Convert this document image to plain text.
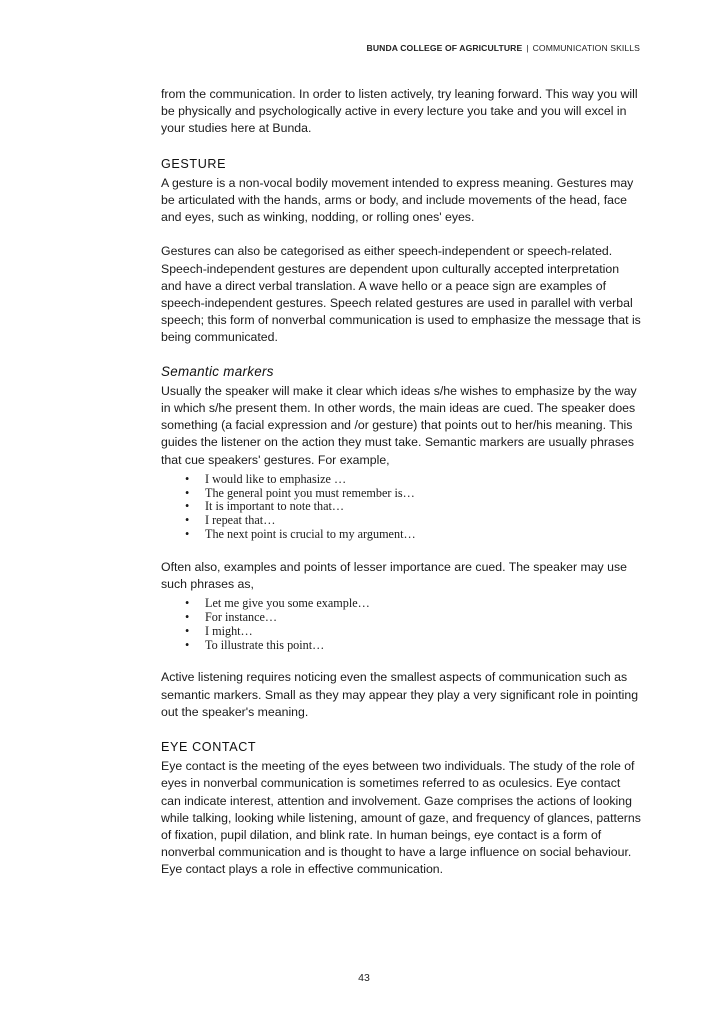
BUNDA COLLEGE OF AGRICULTURE | COMMUNICATION SKILLS

from the communication. In order to listen actively, try leaning forward. This way you will be physically and psychologically active in every lecture you take and you will excel in your studies here at Bunda.

GESTURE

A gesture is a non-vocal bodily movement intended to express meaning. Gestures may be articulated with the hands, arms or body, and include movements of the head, face and eyes, such as winking, nodding, or rolling ones' eyes.

Gestures can also be categorised as either speech-independent or speech-related. Speech-independent gestures are dependent upon culturally accepted interpretation and have a direct verbal translation. A wave hello or a peace sign are examples of speech-independent gestures. Speech related gestures are used in parallel with verbal speech; this form of nonverbal communication is used to emphasize the message that is being communicated.

Semantic markers

Usually the speaker will make it clear which ideas s/he wishes to emphasize by the way in which s/he present them. In other words, the main ideas are cued. The speaker does something (a facial expression and /or gesture) that points out to her/his meaning. This guides the listener on the action they must take. Semantic markers are usually phrases that cue speakers' gestures. For example,

• I would like to emphasize …
• The general point you must remember is…
• It is important to note that…
• I repeat that…
• The next point is crucial to my argument…

Often also, examples and points of lesser importance are cued. The speaker may use such phrases as,

• Let me give you some example…
• For instance…
• I might…
• To illustrate this point…

Active listening requires noticing even the smallest aspects of communication such as semantic markers. Small as they may appear they play a very significant role in pointing out the speaker's meaning.

EYE CONTACT

Eye contact is the meeting of the eyes between two individuals. The study of the role of eyes in nonverbal communication is sometimes referred to as oculesics. Eye contact can indicate interest, attention and involvement. Gaze comprises the actions of looking while talking, looking while listening, amount of gaze, and frequency of glances, patterns of fixation, pupil dilation, and blink rate. In human beings, eye contact is a form of nonverbal communication and is thought to have a large influence on social behaviour. Eye contact plays a role in effective communication.

43
